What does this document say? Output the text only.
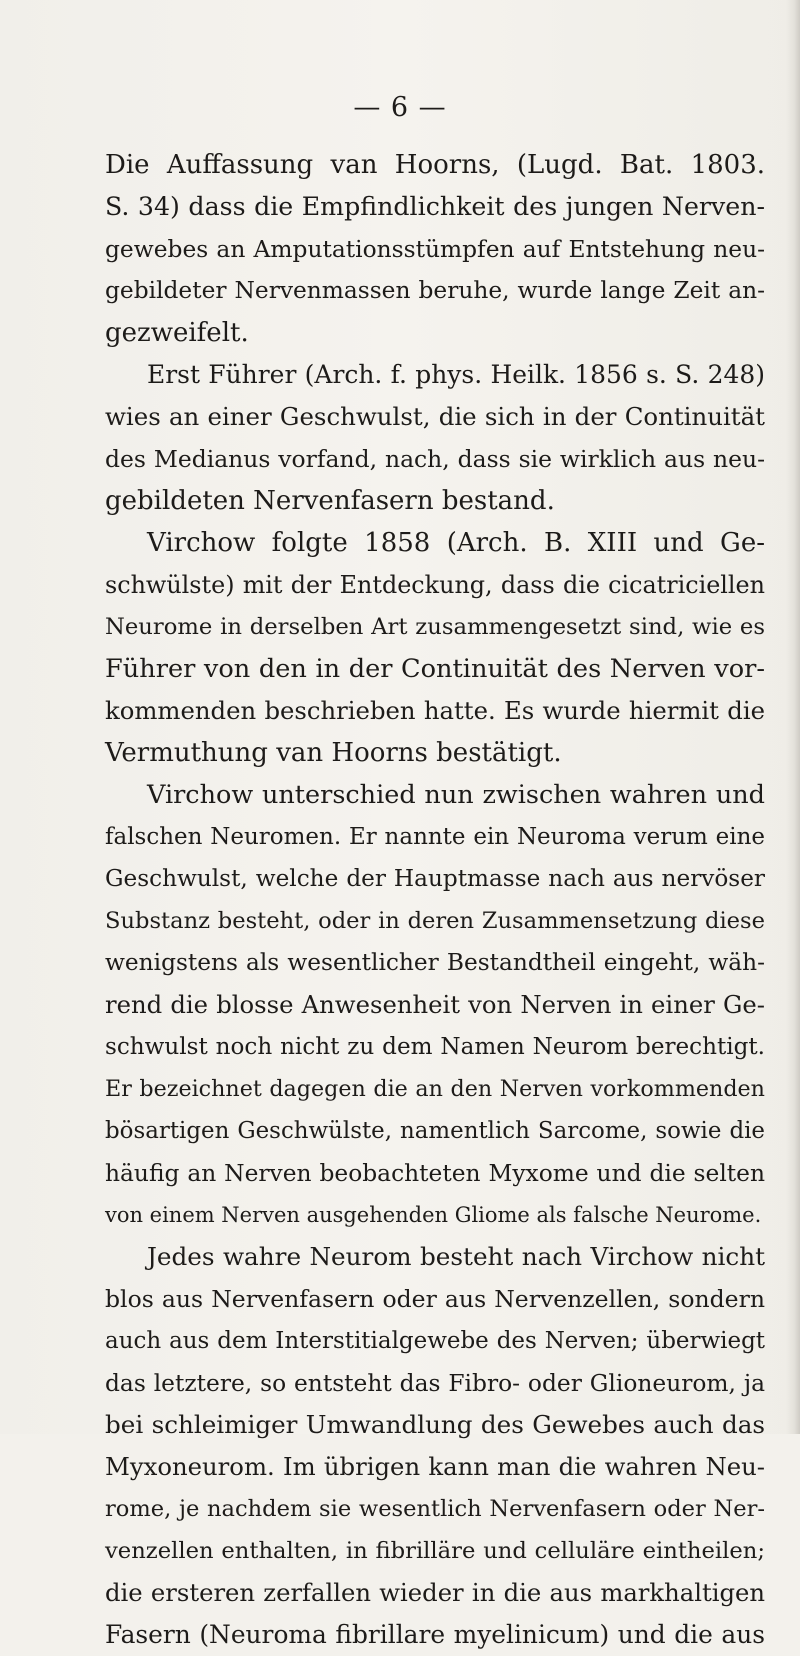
— 6 —
Die Auffassung van Hoorns, (Lugd. Bat. 1803.
S. 34) dass die Empfindlichkeit des jungen Nerven-
gewebes an Amputationsstümpfen auf Entstehung neu-
gebildeter Nervenmassen beruhe, wurde lange Zeit an-
gezweifelt.
Erst Führer (Arch. f. phys. Heilk. 1856 s. S. 248)
wies an einer Geschwulst, die sich in der Continuität
des Medianus vorfand, nach, dass sie wirklich aus neu-
gebildeten Nervenfasern bestand.
Virchow folgte 1858 (Arch. B. XIII und Ge-
schwülste) mit der Entdeckung, dass die cicatriciellen
Neurome in derselben Art zusammengesetzt sind, wie es
Führer von den in der Continuität des Nerven vor-
kommenden beschrieben hatte. Es wurde hiermit die
Vermuthung van Hoorns bestätigt.
Virchow unterschied nun zwischen wahren und
falschen Neuromen. Er nannte ein Neuroma verum eine
Geschwulst, welche der Hauptmasse nach aus nervöser
Substanz besteht, oder in deren Zusammensetzung diese
wenigstens als wesentlicher Bestandtheil eingeht, wäh-
rend die blosse Anwesenheit von Nerven in einer Ge-
schwulst noch nicht zu dem Namen Neurom berechtigt.
Er bezeichnet dagegen die an den Nerven vorkommenden
bösartigen Geschwülste, namentlich Sarcome, sowie die
häufig an Nerven beobachteten Myxome und die selten
von einem Nerven ausgehenden Gliome als falsche Neurome.
Jedes wahre Neurom besteht nach Virchow nicht
blos aus Nervenfasern oder aus Nervenzellen, sondern
auch aus dem Interstitialgewebe des Nerven; überwiegt
das letztere, so entsteht das Fibro- oder Glioneurom, ja
bei schleimiger Umwandlung des Gewebes auch das
Myxoneurom. Im übrigen kann man die wahren Neu-
rome, je nachdem sie wesentlich Nervenfasern oder Ner-
venzellen enthalten, in fibrilläre und celluläre eintheilen;
die ersteren zerfallen wieder in die aus markhaltigen
Fasern (Neuroma fibrillare myelinicum) und die aus
